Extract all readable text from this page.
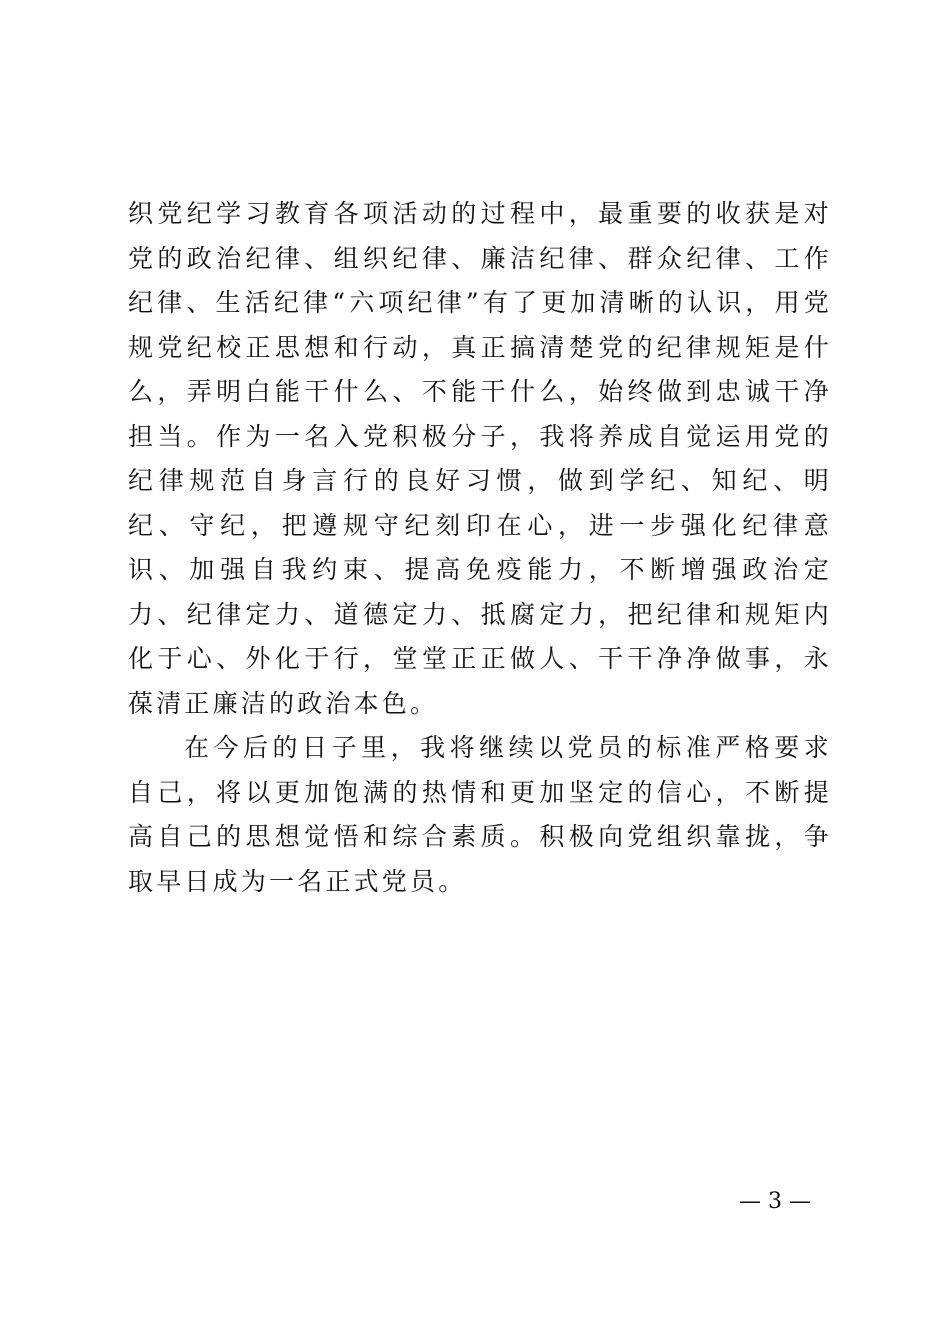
织党纪学习教育各项活动的过程中，最重要的收获是对党的政治纪律、组织纪律、廉洁纪律、群众纪律、工作纪律、生活纪律“六项纪律”有了更加清晰的认识，用党规党纪校正思想和行动，真正搞清楚党的纪律规矩是什么，弄明白能干什么、不能干什么，始终做到忠诚干净担当。作为一名入党积极分子，我将养成自觉运用党的纪律规范自身言行的良好习惯，做到学纪、知纪、明纪、守纪，把遵规守纪刻印在心，进一步强化纪律意识、加强自我约束、提高免疫能力，不断增强政治定力、纪律定力、道德定力、抵腐定力，把纪律和规矩内化于心、外化于行，堂堂正正做人、干干净净做事，永葆清正廉洁的政治本色。

在今后的日子里，我将继续以党员的标准严格要求自己，将以更加饱满的热情和更加坚定的信心，不断提高自己的思想觉悟和综合素质。积极向党组织靠拢，争取早日成为一名正式党员。

— 3 —
